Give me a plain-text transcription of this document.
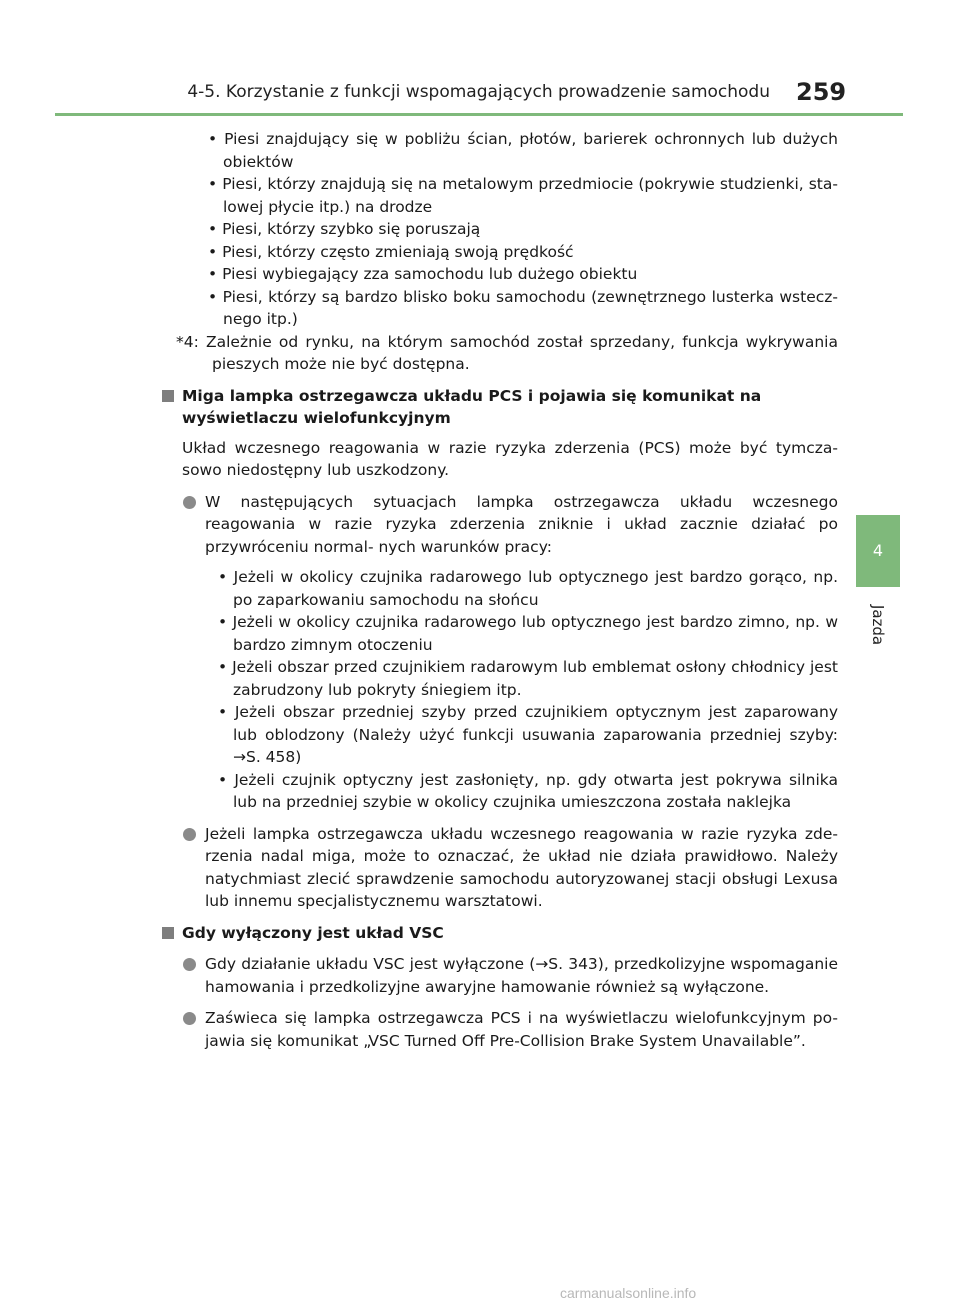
4-5. Korzystanie z funkcji wspomagających prowadzenie samochodu 259
4
Jazda

• Piesi znajdujący się w pobliżu ścian, płotów, barierek ochronnych lub dużych obiektów

• Piesi, którzy znajdują się na metalowym przedmiocie (pokrywie studzienki, sta- lowej płycie itp.) na drodze

• Piesi, którzy szybko się poruszają

• Piesi, którzy często zmieniają swoją prędkość

• Piesi wybiegający zza samochodu lub dużego obiektu

• Piesi, którzy są bardzo blisko boku samochodu (zewnętrznego lusterka wstecz- nego itp.)

*4: Zależnie od rynku, na którym samochód został sprzedany, funkcja wykrywania pieszych może nie być dostępna.

Miga lampka ostrzegawcza układu PCS i pojawia się komunikat na wyświetlaczu wielofunkcyjnym

Układ wczesnego reagowania w razie ryzyka zderzenia (PCS) może być tymcza- sowo niedostępny lub uszkodzony.

W następujących sytuacjach lampka ostrzegawcza układu wczesnego reagowania w razie ryzyka zderzenia zniknie i układ zacznie działać po przywróceniu normal- nych warunków pracy:

• Jeżeli w okolicy czujnika radarowego lub optycznego jest bardzo gorąco, np. po zaparkowaniu samochodu na słońcu

• Jeżeli w okolicy czujnika radarowego lub optycznego jest bardzo zimno, np. w bardzo zimnym otoczeniu

• Jeżeli obszar przed czujnikiem radarowym lub emblemat osłony chłodnicy jest zabrudzony lub pokryty śniegiem itp.

• Jeżeli obszar przedniej szyby przed czujnikiem optycznym jest zaparowany lub oblodzony (Należy użyć funkcji usuwania zaparowania przedniej szyby: →S. 458)

• Jeżeli czujnik optyczny jest zasłonięty, np. gdy otwarta jest pokrywa silnika lub na przedniej szybie w okolicy czujnika umieszczona została naklejka

Jeżeli lampka ostrzegawcza układu wczesnego reagowania w razie ryzyka zde- rzenia nadal miga, może to oznaczać, że układ nie działa prawidłowo. Należy natychmiast zlecić sprawdzenie samochodu autoryzowanej stacji obsługi Lexusa lub innemu specjalistycznemu warsztatowi.

Gdy wyłączony jest układ VSC

Gdy działanie układu VSC jest wyłączone (→S. 343), przedkolizyjne wspomaganie hamowania i przedkolizyjne awaryjne hamowanie również są wyłączone.

Zaświeca się lampka ostrzegawcza PCS i na wyświetlaczu wielofunkcyjnym po- jawia się komunikat „VSC Turned Off Pre-Collision Brake System Unavailable”.

carmanualsonline.info
